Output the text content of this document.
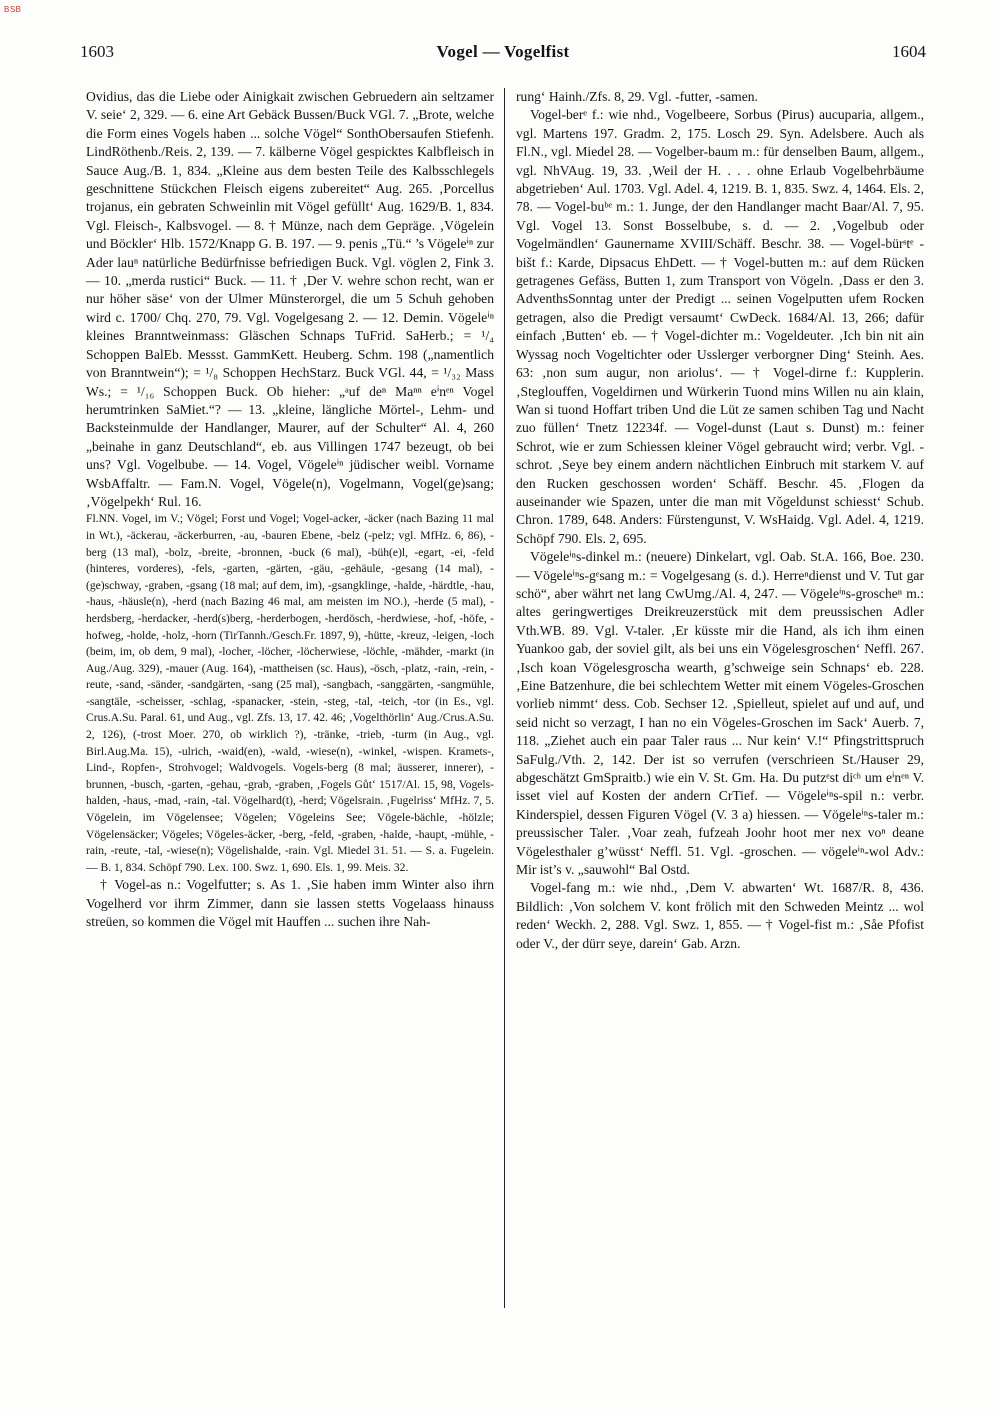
BSB
1603	Vogel — Vogelfist	1604

Ovidius, das die Liebe oder Ainigkait zwischen Gebruedern ain seltzamer V. seie‘ 2, 329. — 6. eine Art Gebäck Bussen/Buck VGl. 7. „Brote, welche die Form eines Vogels haben ... solche Vögel“ SonthObersaufen Stiefenh. LindRöthenb./Reis. 2, 139. — 7. kälberne Vögel gespicktes Kalbfleisch in Sauce Aug./B. 1, 834. „Kleine aus dem besten Teile des Kalbsschlegels geschnittene Stückchen Fleisch eigens zubereitet“ Aug. 265. ‚Porcellus trojanus, ein gebraten Schweinlin mit Vögel gefüllt‘ Aug. 1629/B. 1, 834. Vgl. Fleisch-, Kalbsvogel. — 8. † Münze, nach dem Gepräge. ‚Vögelein und Böckler‘ Hlb. 1572/Knapp G. B. 197. — 9. penis „Tü.“ ’s Vögeleⁱⁿ zur Ader lauⁿ natürliche Bedürfnisse befriedigen Buck. Vgl. vöglen 2, Fink 3. — 10. „merda rustici“ Buck. — 11. † ‚Der V. wehre schon recht, wan er nur höher säse‘ von der Ulmer Münsterorgel, die um 5 Schuh gehoben wird c. 1700/ Chq. 270, 79. Vgl. Vogelgesang 2. — 12. Demin. Vögeleⁱⁿ kleines Branntweinmass: Gläschen Schnaps TuFrid. SaHerb.; = ¹/₄ Schoppen BalEb. Messst. GammKett. Heuberg. Schm. 198 („namentlich von Branntwein“); = ¹/₈ Schoppen HechStarz. Buck VGl. 44, = ¹/₃₂ Mass Ws.; = ¹/₁₆ Schoppen Buck. Ob hieher: „ᵃuf deⁿ Maⁿⁿ eⁱnᵉⁿ Vogel herumtrinken SaMiet.“? — 13. „kleine, längliche Mörtel-, Lehm- und Backsteinmulde der Handlanger, Maurer, auf der Schulter“ Al. 4, 260 „beinahe in ganz Deutschland“, eb. aus Villingen 1747 bezeugt, ob bei uns? Vgl. Vogelbube. — 14. Vogel, Vögeleⁱⁿ jüdischer weibl. Vorname WsbAffaltr. — Fam.N. Vogel, Vögele(n), Vogelmann, Vogel(ge)sang; ‚Vögelpekh‘ Rul. 16.

Fl.NN. Vogel, im V.; Vögel; Forst und Vogel; Vogel-acker, -äcker (nach Bazing 11 mal in Wt.), -äckerau, -äckerburren, -au, -bauren Ebene, -belz (-pelz; vgl. MfHz. 6, 86), -berg (13 mal), -bolz, -breite, -bronnen, -buck (6 mal), -büh(e)l, -egart, -ei, -feld (hinteres, vorderes), -fels, -garten, -gärten, -gäu, -gehäule, -gesang (14 mal), -(ge)schway, -graben, -gsang (18 mal; auf dem, im), -gsangklinge, -halde, -härdtle, -hau, -haus, -häusle(n), -herd (nach Bazing 46 mal, am meisten im NO.), -herde (5 mal), -herdsberg, -herdacker, -herd(s)berg, -herderbogen, -herdösch, -herdwiese, -hof, -höfe, -hofweg, -holde, -holz, -horn (TirTannh./Gesch.Fr. 1897, 9), -hütte, -kreuz, -leigen, -loch (beim, im, ob dem, 9 mal), -locher, -löcher, -löcherwiese, -löchle, -mähder, -markt (in Aug./Aug. 329), -mauer (Aug. 164), -mattheisen (sc. Haus), -ösch, -platz, -rain, -rein, -reute, -sand, -sänder, -sandgärten, -sang (25 mal), -sangbach, -sanggärten, -sangmühle, -sangtäle, -scheisser, -schlag, -spanacker, -stein, -steg, -tal, -teich, -tor (in Es., vgl. Crus.A.Su. Paral. 61, und Aug., vgl. Zfs. 13, 17. 42. 46; ‚Vogelthörlin‘ Aug./Crus.A.Su. 2, 126), (-trost Moer. 270, ob wirklich ?), -tränke, -trieb, -turm (in Aug., vgl. Birl.Aug.Ma. 15), -ulrich, -waid(en), -wald, -wiese(n), -winkel, -wispen. Kramets-, Lind-, Ropfen-, Strohvogel; Waldvogels. Vogels-berg (8 mal; äusserer, innerer), -brunnen, -busch, -garten, -gehau, -grab, -graben, ‚Fogels Gůt‘ 1517/Al. 15, 98, Vogels-halden, -haus, -mad, -rain, -tal. Vögelhard(t), -herd; Vögelsrain. ‚Fugelriss‘ MfHz. 7, 5. Vögelein, im Vögelensee; Vögelen; Vögeleins See; Vögele-bächle, -hölzle; Vögelensäcker; Vögeles; Vögeles-äcker, -berg, -feld, -graben, -halde, -haupt, -mühle, -rain, -reute, -tal, -wiese(n); Vögelishalde, -rain. Vgl. Miedel 31. 51. — S. a. Fugelein. — B. 1, 834. Schöpf 790. Lex. 100. Swz. 1, 690. Els. 1, 99. Meis. 32.

† Vogel-as n.: Vogelfutter; s. As 1. ‚Sie haben imm Winter also ihrn Vogelherd vor ihrm Zimmer, dann sie lassen stetts Vogelaass hinauss streüen, so kommen die Vögel mit Hauffen ... suchen ihre Nah-

rung‘ Hainh./Zfs. 8, 29. Vgl. -futter, -samen.

Vogel-berᵉ f.: wie nhd., Vogelbeere, Sorbus (Pirus) aucuparia, allgem., vgl. Martens 197. Gradm. 2, 175. Losch 29. Syn. Adelsbere. Auch als Fl.N., vgl. Miedel 28. — Vogelber-baum m.: für denselben Baum, allgem., vgl. NhVAug. 19, 33. ‚Weil der H. . . . ohne Erlaub Vogelbehrbäume abgetrieben‘ Aul. 1703. Vgl. Adel. 4, 1219. B. 1, 835. Swz. 4, 1464. Els. 2, 78. — Vogel-buᵇᵉ m.: 1. Junge, der den Handlanger macht Baar/Al. 7, 95. Vgl. Vogel 13. Sonst Bosselbube, s. d. — 2. ‚Vogelbub oder Vogelmändlen‘ Gaunername XVIII/Schäff. Beschr. 38. — Vogel-bürˢtᵉ -bišt f.: Karde, Dipsacus EhDett. — † Vogel-butten m.: auf dem Rücken getragenes Gefäss, Butten 1, zum Transport von Vögeln. ‚Dass er den 3. AdventhsSonntag unter der Predigt ... seinen Vogelputten ufem Rocken getragen, also die Predigt versaumt‘ CwDeck. 1684/Al. 13, 266; dafür einfach ‚Butten‘ eb. — † Vogel-dichter m.: Vogeldeuter. ‚Ich bin nit ain Wyssag noch Vogeltichter oder Usslerger verborgner Ding‘ Steinh. Aes. 63: ‚non sum augur, non ariolus‘. — † Vogel-dirne f.: Kupplerin. ‚Steglouffen, Vogeldirnen und Würkerin Tuond mins Willen nu ain klain, Wan si tuond Hoffart triben Und die Lüt ze samen schiben Tag und Nacht zuo füllen‘ Tnetz 12234f. — Vogel-dunst (Laut s. Dunst) m.: feiner Schrot, wie er zum Schiessen kleiner Vögel gebraucht wird; verbr. Vgl. -schrot. ‚Seye bey einem andern nächtlichen Einbruch mit starkem V. auf den Rucken geschossen worden‘ Schäff. Beschr. 45. ‚Flogen da auseinander wie Spazen, unter die man mit Vǒgeldunst schiesst‘ Schub. Chron. 1789, 648. Anders: Fürstengunst, V. WsHaidg. Vgl. Adel. 4, 1219. Schöpf 790. Els. 2, 695.

Vögeleⁱⁿs-dinkel m.: (neuere) Dinkelart, vgl. Oab. St.A. 166, Boe. 230. — Vögeleⁱⁿs-gᵉsang m.: = Vogelgesang (s. d.). Herreⁿdienst und V. Tut gar schö“, aber währt net lang CwUmg./Al. 4, 247. — Vögeleⁱⁿs-groscheⁿ m.: altes geringwertiges Dreikreuzerstück mit dem preussischen Adler Vth.WB. 89. Vgl. V-taler. ‚Er küsste mir die Hand, als ich ihm einen Yuankoo gab, der soviel gilt, als bei uns ein Vögelesgroschen‘ Neffl. 267. ‚Isch koan Vögelesgroscha wearth, g’schweige sein Schnaps‘ eb. 228. ‚Eine Batzenhure, die bei schlechtem Wetter mit einem Vögeles-Groschen vorlieb nimmt‘ dess. Cob. Sechser 12. ‚Spielleut, spielet auf und auf, und seid nicht so verzagt, I han no ein Vögeles-Groschen im Sack‘ Auerb. 7, 118. „Ziehet auch ein paar Taler raus ... Nur kein‘ V.!“ Pfingstrittspruch SaFulg./Vth. 2, 142. Der ist so verrufen (verschrieen St./Hauser 29, abgeschätzt GmSpraitb.) wie ein V. St. Gm. Ha. Du putzᵉst diᶜʰ um eⁱnᵉⁿ V. isset viel auf Kosten der andern CrTief. — Vögeleⁱⁿs-spil n.: verbr. Kinderspiel, dessen Figuren Vögel (V. 3 a) hiessen. — Vögeleⁱⁿs-taler m.: preussischer Taler. ‚Voar zeah, fufzeah Joohr hoot mer nex voⁿ deane Vögelesthaler g’wüsst‘ Neffl. 51. Vgl. -groschen. — vögeleⁱⁿ-wol Adv.: Mir ist’s v. „sauwohl“ Bal Ostd.

Vogel-fang m.: wie nhd., ‚Dem V. abwarten‘ Wt. 1687/R. 8, 436. Bildlich: ‚Von solchem V. kont frölich mit den Schweden Meintz ... wol reden‘ Weckh. 2, 288. Vgl. Swz. 1, 855. — † Vogel-fist m.: ‚Såe Pfofist oder V., der dürr seye, darein‘ Gab. Arzn.
